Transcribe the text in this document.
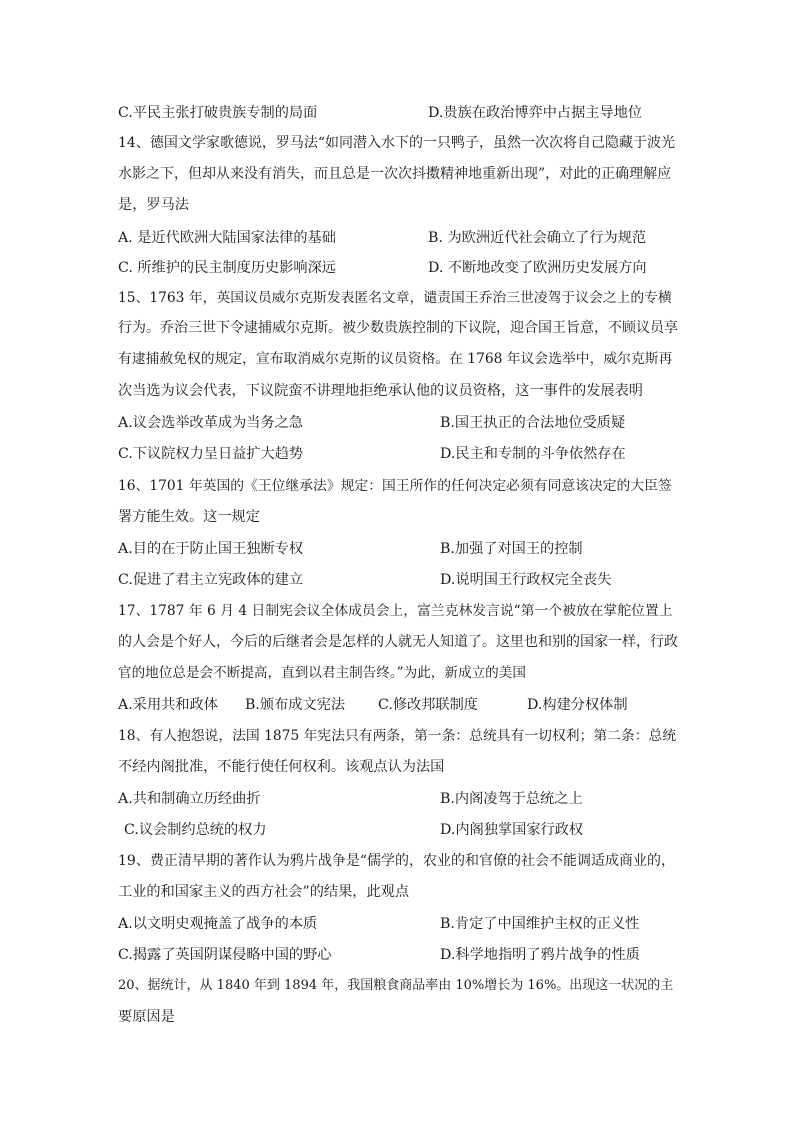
C.平民主张打破贵族专制的局面	D.贵族在政治博弈中占据主导地位
14、德国文学家歌德说，罗马法“如同潜入水下的一只鸭子，虽然一次次将自己隐藏于波光
水影之下，但却从来没有消失，而且总是一次次抖擞精神地重新出现”，对此的正确理解应
是，罗马法
A. 是近代欧洲大陆国家法律的基础	B. 为欧洲近代社会确立了行为规范
C. 所维护的民主制度历史影响深远	D. 不断地改变了欧洲历史发展方向
15、1763 年，英国议员威尔克斯发表匿名文章，谴责国王乔治三世凌驾于议会之上的专横
行为。乔治三世下令逮捕威尔克斯。被少数贵族控制的下议院，迎合国王旨意，不顾议员享
有逮捕赦免权的规定，宣布取消威尔克斯的议员资格。在 1768 年议会选举中，威尔克斯再
次当选为议会代表，下议院蛮不讲理地拒绝承认他的议员资格，这一事件的发展表明
A.议会选举改革成为当务之急	B.国王执正的合法地位受质疑
C.下议院权力呈日益扩大趋势	D.民主和专制的斗争依然存在
16、1701 年英国的《王位继承法》规定：国王所作的任何决定必须有同意该决定的大臣签
署方能生效。这一规定
A.目的在于防止国王独断专权	B.加强了对国王的控制
C.促进了君主立宪政体的建立	D.说明国王行政权完全丧失
17、1787 年 6 月 4 日制宪会议全体成员会上，富兰克林发言说“第一个被放在掌舵位置上
的人会是个好人，今后的后继者会是怎样的人就无人知道了。这里也和别的国家一样，行政
官的地位总是会不断提高，直到以君主制告终。”为此，新成立的美国
A.采用共和政体 B.颁布成文宪法 C.修改邦联制度	D.构建分权体制
18、有人抱怨说，法国 1875 年宪法只有两条，第一条：总统具有一切权利；第二条：总统
不经内阁批准，不能行使任何权利。该观点认为法国
A.共和制确立历经曲折	B.内阁凌驾于总统之上
C.议会制约总统的权力	D.内阁独掌国家行政权
19、费正清早期的著作认为鸦片战争是“儒学的，农业的和官僚的社会不能调适成商业的，
工业的和国家主义的西方社会”的结果，此观点
A.以文明史观掩盖了战争的本质	B.肯定了中国维护主权的正义性
C.揭露了英国阴谋侵略中国的野心	D.科学地指明了鸦片战争的性质
20、据统计，从 1840 年到 1894 年，我国粮食商品率由 10%增长为 16%。出现这一状况的主
要原因是
